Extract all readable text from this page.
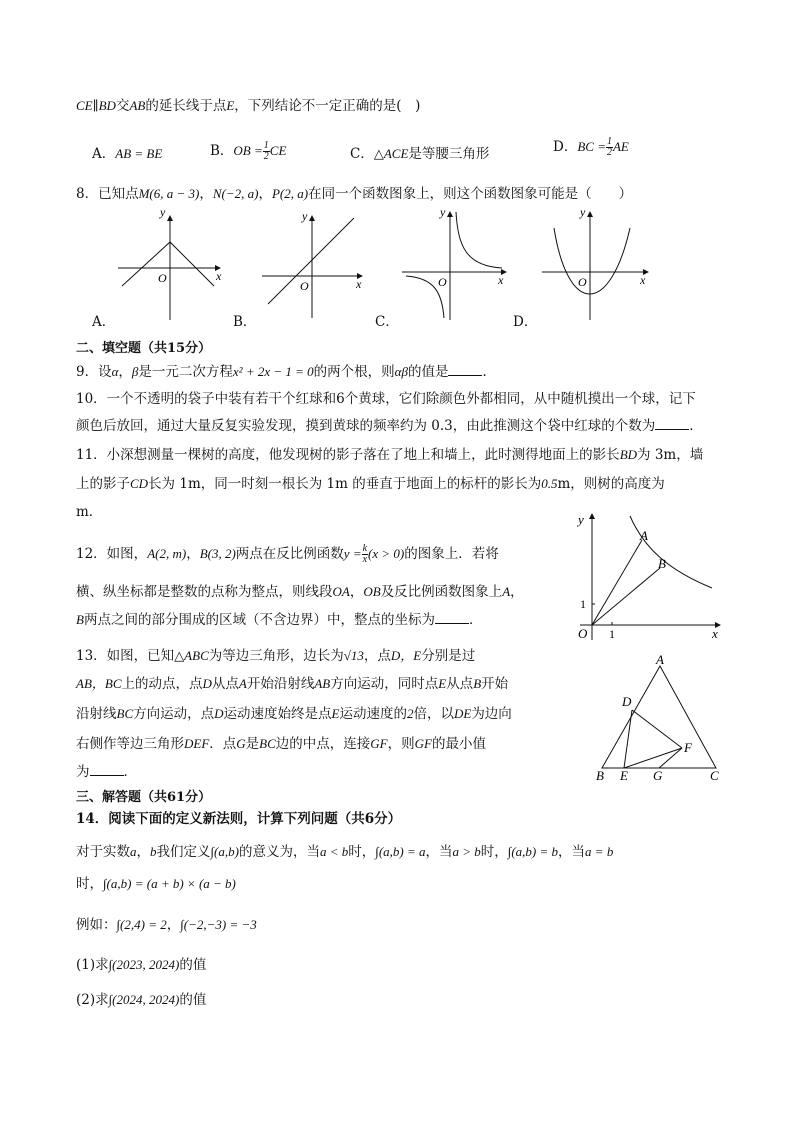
CE∥BD交AB的延长线于点E，下列结论不一定正确的是(　)
A．AB = BE	B．OB = $\frac{1}{2}$ CE	C．△ACE是等腰三角形	D．BC = $\frac{1}{2}$ AE
8．已知点M(6, a − 3)，N(−2, a)，P(2, a)在同一个函数图象上，则这个函数图象可能是（　　）
y
x
O
y
x
O
y
x
O
y
x
O
A．	B．	C．	D．
二、填空题（共15分）
9．设α，β是一元二次方程x² + 2x − 1 = 0的两个根，则αβ的值是	．
10．一个不透明的袋子中装有若干个红球和6个黄球，它们除颜色外都相同，从中随机摸出一个球，记下
颜色后放回，通过大量反复实验发现，摸到黄球的频率约为 0.3，由此推测这个袋中红球的个数为	．
11．小深想测量一棵树的高度，他发现树的影子落在了地上和墙上，此时测得地面上的影长BD为 3m，墙
上的影子CD长为 1m，同一时刻一根长为 1m 的垂直于地面上的标杆的影长为0.5m，则树的高度为
m．
12．如图，A(2, m)，B(3, 2)两点在反比例函数$y = \frac{k}{x} (x > 0)$的图象上．若将
横、纵坐标都是整数的点称为整点，则线段OA，OB及反比例函数图象上A，
B两点之间的部分围成的区域（不含边界）中，整点的坐标为	．
y
x
O 1
1
A
B
13．如图，已知△ABC为等边三角形，边长为√13，点D，E分别是过
AB，BC上的动点，点D从点A开始沿射线AB方向运动，同时点E从点B开始
沿射线BC方向运动，点D运动速度始终是点E运动速度的2倍，以DE为边向
右侧作等边三角形DEF．点G是BC边的中点，连接GF，则GF的最小值
为	．
A
B	C
D
E
F
G
三、解答题（共61分）
14．阅读下面的定义新法则，计算下列问题（共6分）
对于实数a，b我们定义∫(a,b)的意义为，当a < b时，∫(a,b) = a，当a > b时，∫(a,b) = b，当a = b
时，∫(a,b) = (a + b) × (a − b)
例如：∫(2,4) = 2，∫(−2,−3) = −3
(1)求∫(2023, 2024)的值
(2)求∫(2024, 2024)的值
